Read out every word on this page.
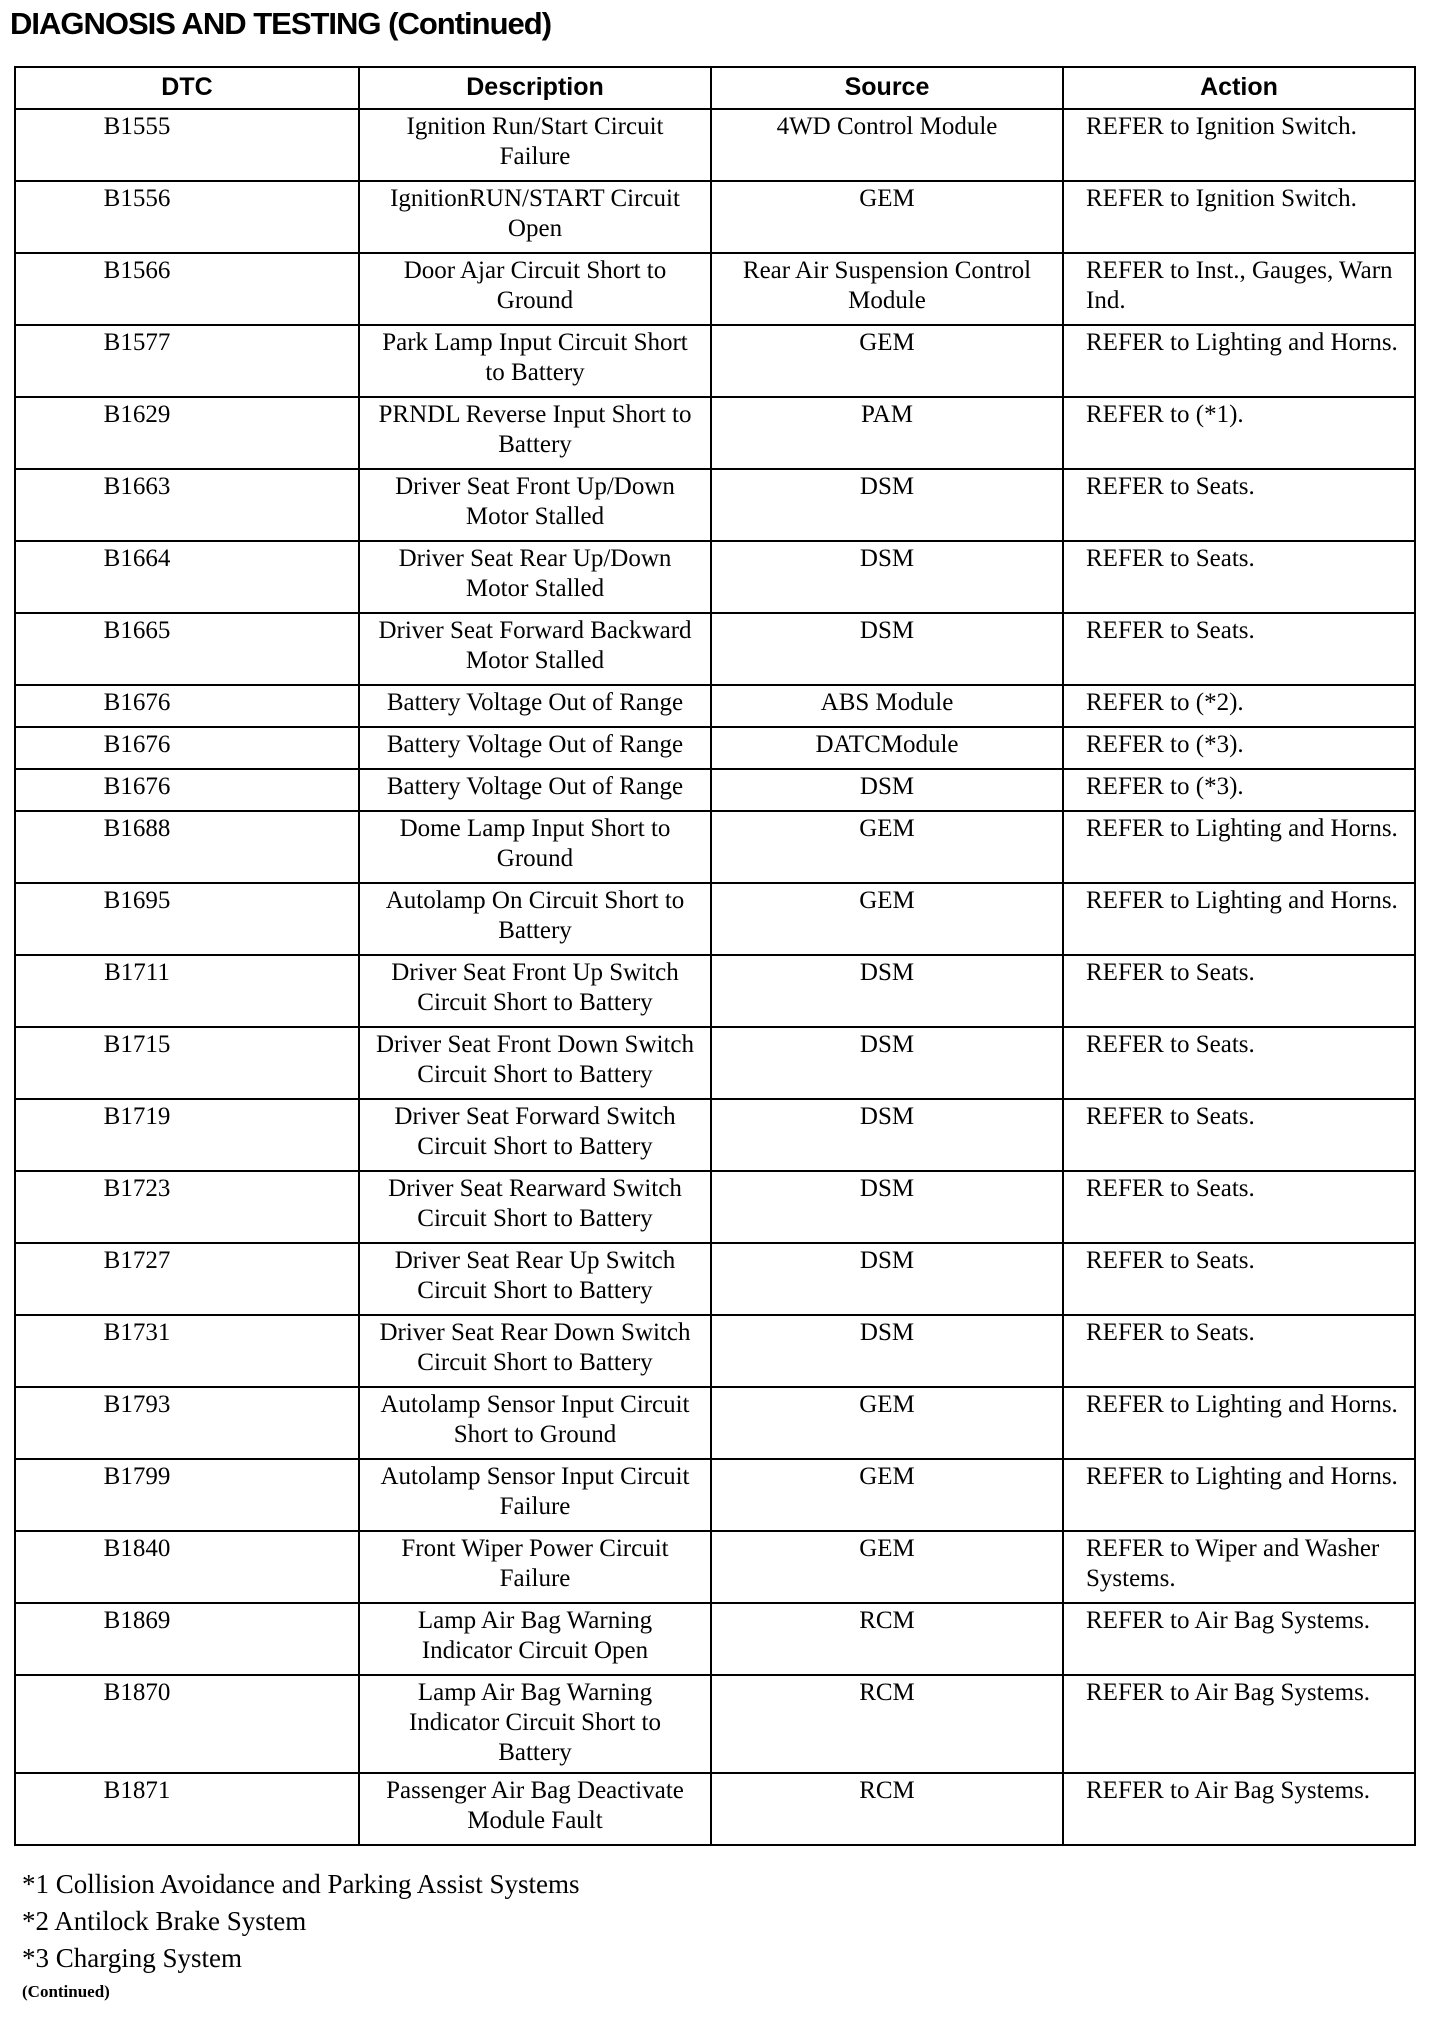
DIAGNOSIS AND TESTING (Continued)
DTC	Description	Source	Action
B1555	Ignition Run/Start Circuit Failure	4WD Control Module	REFER to Ignition Switch.
B1556	IgnitionRUN/START Circuit Open	GEM	REFER to Ignition Switch.
B1566	Door Ajar Circuit Short to Ground	Rear Air Suspension Control Module	REFER to Inst., Gauges, Warn Ind.
B1577	Park Lamp Input Circuit Short to Battery	GEM	REFER to Lighting and Horns.
B1629	PRNDL Reverse Input Short to Battery	PAM	REFER to (*1).
B1663	Driver Seat Front Up/Down Motor Stalled	DSM	REFER to Seats.
B1664	Driver Seat Rear Up/Down Motor Stalled	DSM	REFER to Seats.
B1665	Driver Seat Forward Backward Motor Stalled	DSM	REFER to Seats.
B1676	Battery Voltage Out of Range	ABS Module	REFER to (*2).
B1676	Battery Voltage Out of Range	DATCModule	REFER to (*3).
B1676	Battery Voltage Out of Range	DSM	REFER to (*3).
B1688	Dome Lamp Input Short to Ground	GEM	REFER to Lighting and Horns.
B1695	Autolamp On Circuit Short to Battery	GEM	REFER to Lighting and Horns.
B1711	Driver Seat Front Up Switch Circuit Short to Battery	DSM	REFER to Seats.
B1715	Driver Seat Front Down Switch Circuit Short to Battery	DSM	REFER to Seats.
B1719	Driver Seat Forward Switch Circuit Short to Battery	DSM	REFER to Seats.
B1723	Driver Seat Rearward Switch Circuit Short to Battery	DSM	REFER to Seats.
B1727	Driver Seat Rear Up Switch Circuit Short to Battery	DSM	REFER to Seats.
B1731	Driver Seat Rear Down Switch Circuit Short to Battery	DSM	REFER to Seats.
B1793	Autolamp Sensor Input Circuit Short to Ground	GEM	REFER to Lighting and Horns.
B1799	Autolamp Sensor Input Circuit Failure	GEM	REFER to Lighting and Horns.
B1840	Front Wiper Power Circuit Failure	GEM	REFER to Wiper and Washer Systems.
B1869	Lamp Air Bag Warning Indicator Circuit Open	RCM	REFER to Air Bag Systems.
B1870	Lamp Air Bag Warning Indicator Circuit Short to Battery	RCM	REFER to Air Bag Systems.
B1871	Passenger Air Bag Deactivate Module Fault	RCM	REFER to Air Bag Systems.
*1 Collision Avoidance and Parking Assist Systems
*2 Antilock Brake System
*3 Charging System
(Continued)
